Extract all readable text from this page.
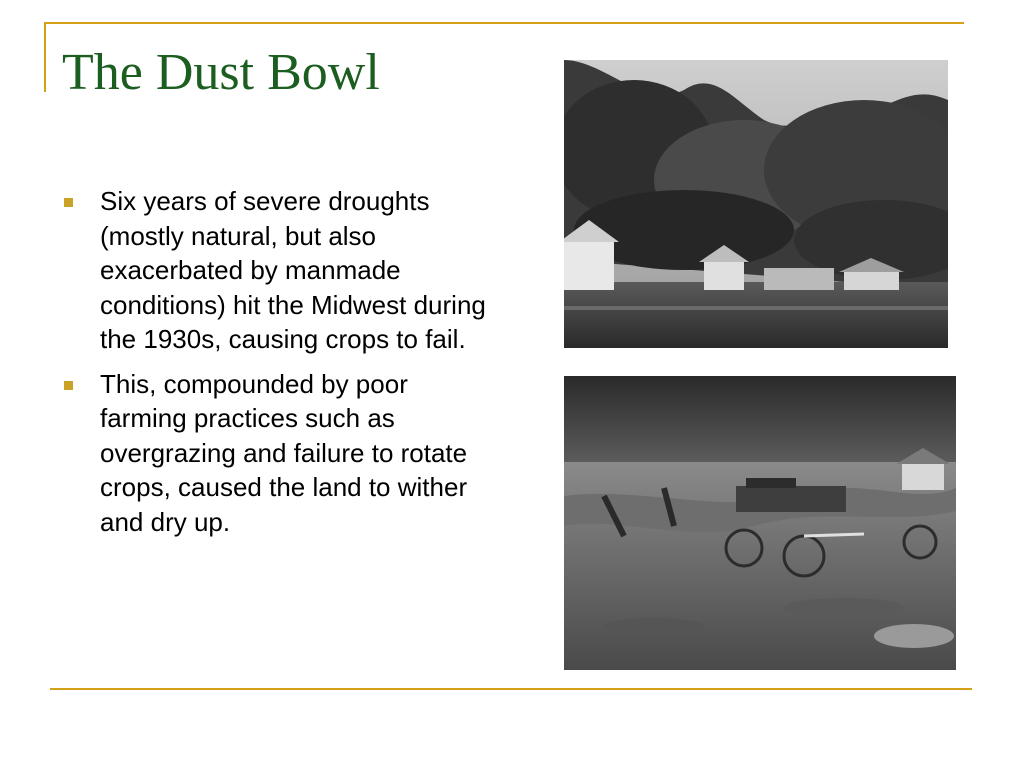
The Dust Bowl
Six years of severe droughts (mostly natural, but also exacerbated by manmade conditions) hit the Midwest during the 1930s, causing crops to fail.
This, compounded by poor farming practices such as overgrazing and failure to rotate crops, caused the land to wither and dry up.
